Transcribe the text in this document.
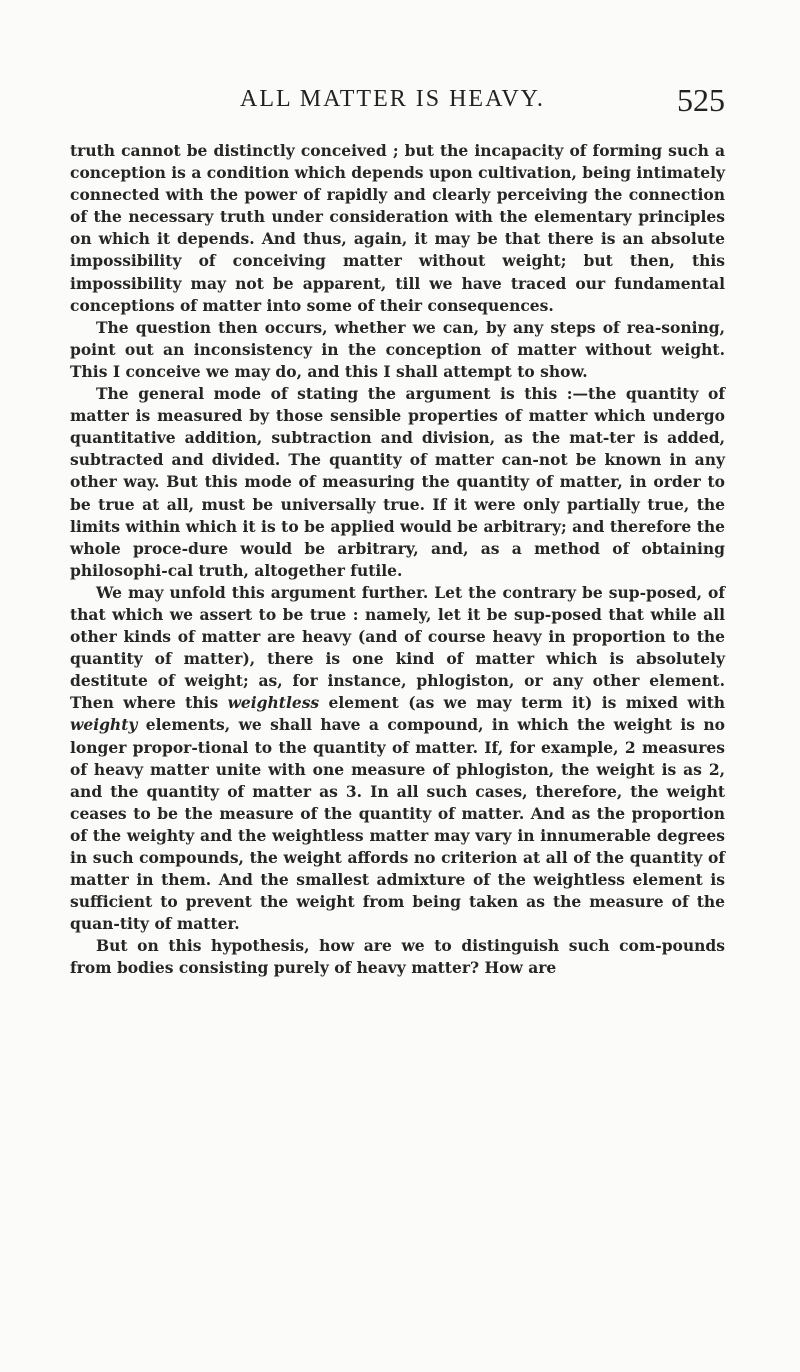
ALL MATTER IS HEAVY.	525

truth cannot be distinctly conceived ; but the incapacity of forming such a conception is a condition which depends upon cultivation, being intimately connected with the power of rapidly and clearly perceiving the connection of the necessary truth under consideration with the elementary principles on which it depends. And thus, again, it may be that there is an absolute impossibility of conceiving matter without weight; but then, this impossibility may not be apparent, till we have traced our fundamental conceptions of matter into some of their consequences.

The question then occurs, whether we can, by any steps of rea-soning, point out an inconsistency in the conception of matter without weight. This I conceive we may do, and this I shall attempt to show.

The general mode of stating the argument is this :—the quantity of matter is measured by those sensible properties of matter which undergo quantitative addition, subtraction and division, as the mat-ter is added, subtracted and divided. The quantity of matter can-not be known in any other way. But this mode of measuring the quantity of matter, in order to be true at all, must be universally true. If it were only partially true, the limits within which it is to be applied would be arbitrary; and therefore the whole proce-dure would be arbitrary, and, as a method of obtaining philosophi-cal truth, altogether futile.

We may unfold this argument further. Let the contrary be sup-posed, of that which we assert to be true : namely, let it be sup-posed that while all other kinds of matter are heavy (and of course heavy in proportion to the quantity of matter), there is one kind of matter which is absolutely destitute of weight; as, for instance, phlogiston, or any other element. Then where this weightless element (as we may term it) is mixed with weighty elements, we shall have a compound, in which the weight is no longer propor-tional to the quantity of matter. If, for example, 2 measures of heavy matter unite with one measure of phlogiston, the weight is as 2, and the quantity of matter as 3. In all such cases, therefore, the weight ceases to be the measure of the quantity of matter. And as the proportion of the weighty and the weightless matter may vary in innumerable degrees in such compounds, the weight affords no criterion at all of the quantity of matter in them. And the smallest admixture of the weightless element is sufficient to prevent the weight from being taken as the measure of the quan-tity of matter.

But on this hypothesis, how are we to distinguish such com-pounds from bodies consisting purely of heavy matter? How are
